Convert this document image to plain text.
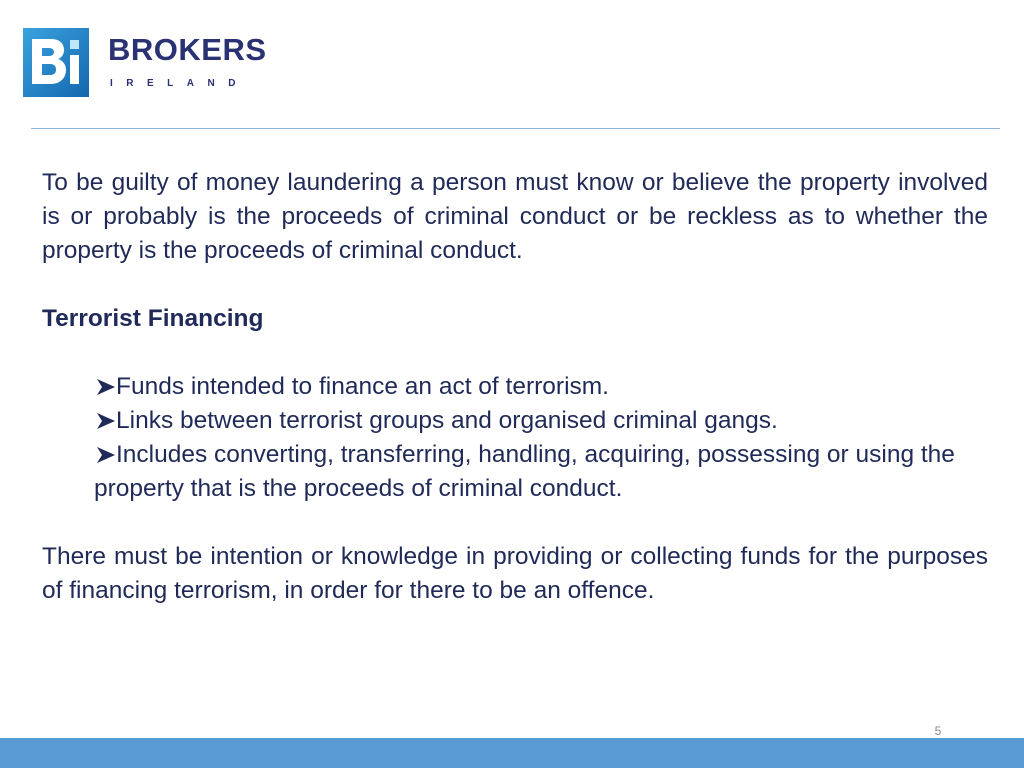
BROKERS
IRELAND

To be guilty of money laundering a person must know or believe the property involved is or probably is the proceeds of criminal conduct or be reckless as to whether the property is the proceeds of criminal conduct.

Terrorist Financing

Funds intended to finance an act of terrorism.
Links between terrorist groups and organised criminal gangs.
Includes converting, transferring, handling, acquiring, possessing or using the property that is the proceeds of criminal conduct.

There must be intention or knowledge in providing or collecting funds for the purposes of financing terrorism, in order for there to be an offence.

5
